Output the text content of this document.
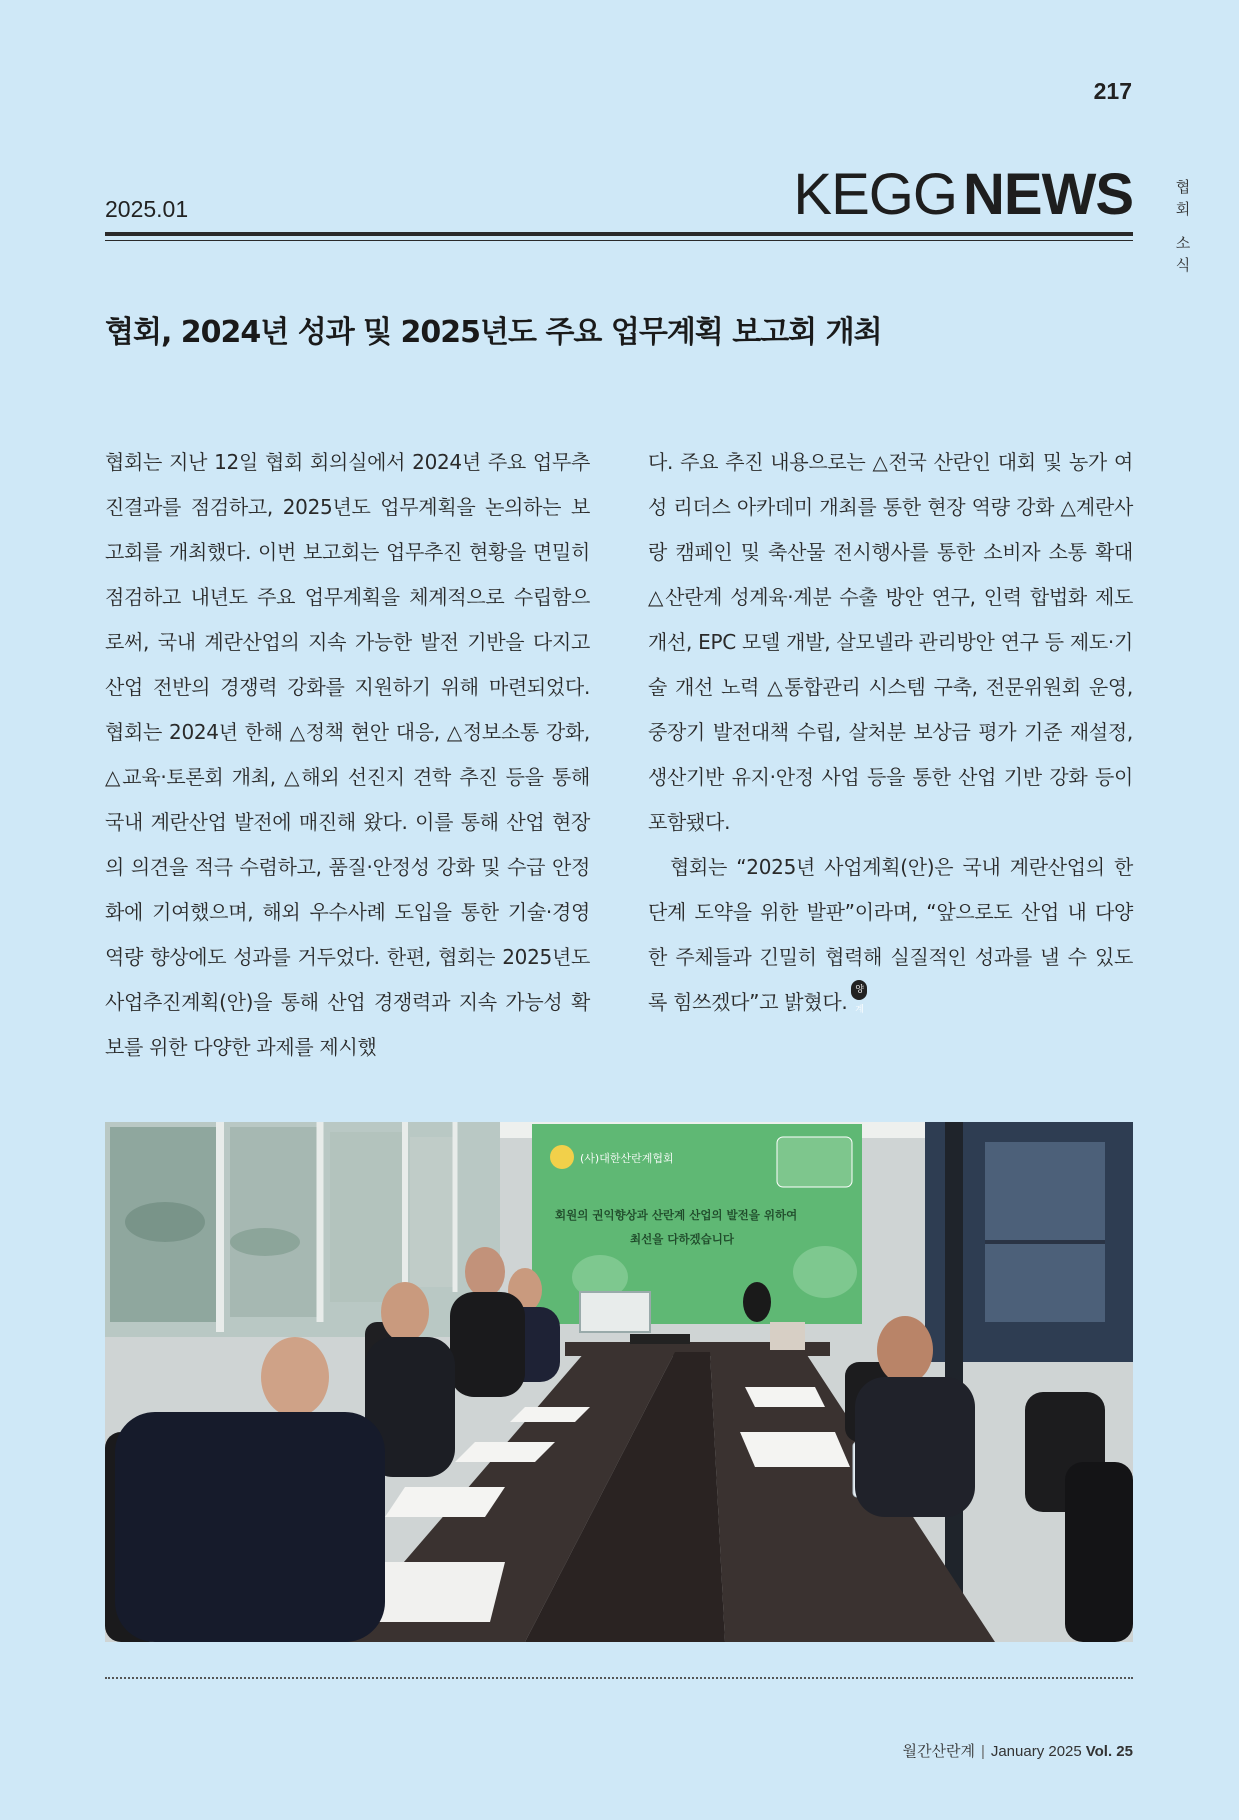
217
2025.01	KEGG NEWS	협
회
소
식
협회, 2024년 성과 및 2025년도 주요 업무계획 보고회 개최

협회는 지난 12일 협회 회의실에서 2024년 주요 업무추진결과를 점검하고, 2025년도 업무계획을 논의하는 보고회를 개최했다. 이번 보고회는 업무추진 현황을 면밀히 점검하고 내년도 주요 업무계획을 체계적으로 수립함으로써, 국내 계란산업의 지속 가능한 발전 기반을 다지고 산업 전반의 경쟁력 강화를 지원하기 위해 마련되었다. 협회는 2024년 한해 △정책 현안 대응, △정보소통 강화, △교육·토론회 개최, △해외 선진지 견학 추진 등을 통해 국내 계란산업 발전에 매진해 왔다. 이를 통해 산업 현장의 의견을 적극 수렴하고, 품질·안정성 강화 및 수급 안정화에 기여했으며, 해외 우수사례 도입을 통한 기술·경영 역량 향상에도 성과를 거두었다. 한편, 협회는 2025년도 사업추진계획(안)을 통해 산업 경쟁력과 지속 가능성 확보를 위한 다양한 과제를 제시했

다. 주요 추진 내용으로는 △전국 산란인 대회 및 농가 여성 리더스 아카데미 개최를 통한 현장 역량 강화 △계란사랑 캠페인 및 축산물 전시행사를 통한 소비자 소통 확대 △산란계 성계육·계분 수출 방안 연구, 인력 합법화 제도개선, EPC 모델 개발, 살모넬라 관리방안 연구 등 제도·기술 개선 노력 △통합관리 시스템 구축, 전문위원회 운영, 중장기 발전대책 수립, 살처분 보상금 평가 기준 재설정, 생산기반 유지·안정 사업 등을 통한 산업 기반 강화 등이 포함됐다.

협회는 “2025년 사업계획(안)은 국내 계란산업의 한 단계 도약을 위한 발판”이라며, “앞으로도 산업 내 다양한 주체들과 긴밀히 협력해 실질적인 성과를 낼 수 있도록 힘쓰겠다”고 밝혔다. 양계

(사)대한산란계협회
회원의 권익향상과 산란계 산업의 발전을 위하여
최선을 다하겠습니다
월간산란계 | January 2025 Vol. 25
